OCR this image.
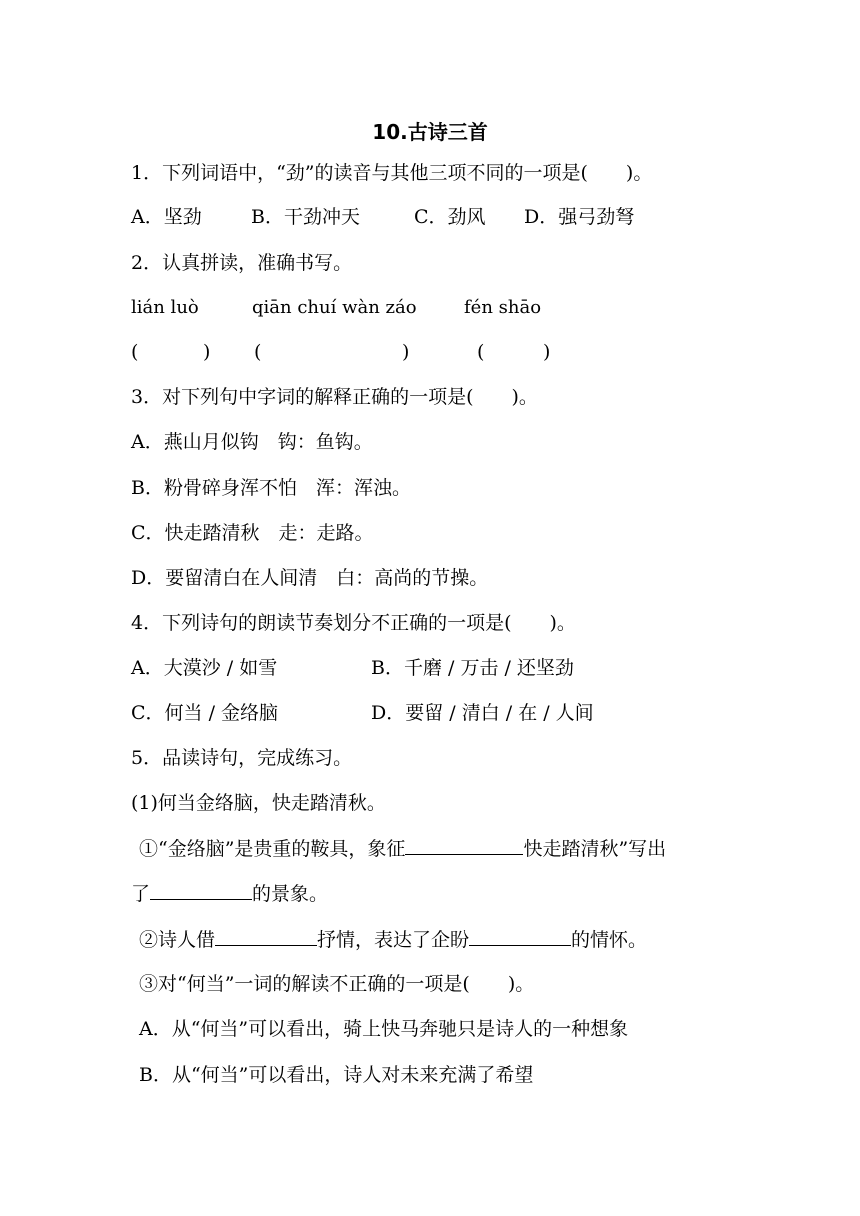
10.古诗三首
1．下列词语中，“劲”的读音与其他三项不同的一项是(　　)。
A．坚劲	B．干劲冲天	C．劲风 D．强弓劲弩
2．认真拼读，准确书写。
lián luò	qiān chuí wàn záo	fén shāo
(	) (	)	(	)
3．对下列句中字词的解释正确的一项是(　　)。
A．燕山月似钩　钩：鱼钩。
B．粉骨碎身浑不怕　浑：浑浊。
C．快走踏清秋　走：走路。
D．要留清白在人间清　白：高尚的节操。
4．下列诗句的朗读节奏划分不正确的一项是(　　)。
A．大漠沙 / 如雪	B．千磨 / 万击 / 还坚劲
C．何当 / 金络脑	D．要留 / 清白 / 在 / 人间
5．品读诗句，完成练习。
(1)何当金络脑，快走踏清秋。
①“金络脑”是贵重的鞍具，象征	快走踏清秋”写出
了	的景象。
②诗人借	抒情，表达了企盼	的情怀。
③对“何当”一词的解读不正确的一项是(　　)。
A．从“何当”可以看出，骑上快马奔驰只是诗人的一种想象
B．从“何当”可以看出，诗人对未来充满了希望
